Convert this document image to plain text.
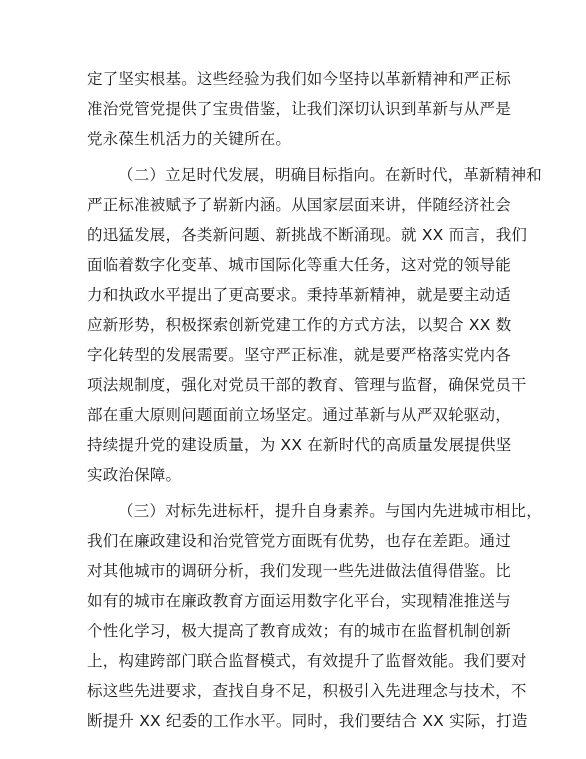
定了坚实根基。这些经验为我们如今坚持以革新精神和严正标
准治党管党提供了宝贵借鉴，让我们深切认识到革新与从严是
党永葆生机活力的关键所在。
（二）立足时代发展，明确目标指向。在新时代，革新精神和
严正标准被赋予了崭新内涵。从国家层面来讲，伴随经济社会
的迅猛发展，各类新问题、新挑战不断涌现。就 XX 而言，我们
面临着数字化变革、城市国际化等重大任务，这对党的领导能
力和执政水平提出了更高要求。秉持革新精神，就是要主动适
应新形势，积极探索创新党建工作的方式方法，以契合 XX 数
字化转型的发展需要。坚守严正标准，就是要严格落实党内各
项法规制度，强化对党员干部的教育、管理与监督，确保党员干
部在重大原则问题面前立场坚定。通过革新与从严双轮驱动，
持续提升党的建设质量，为 XX 在新时代的高质量发展提供坚
实政治保障。
（三）对标先进标杆，提升自身素养。与国内先进城市相比，
我们在廉政建设和治党管党方面既有优势，也存在差距。通过
对其他城市的调研分析，我们发现一些先进做法值得借鉴。比
如有的城市在廉政教育方面运用数字化平台，实现精准推送与
个性化学习，极大提高了教育成效；有的城市在监督机制创新
上，构建跨部门联合监督模式，有效提升了监督效能。我们要对
标这些先进要求，查找自身不足，积极引入先进理念与技术，不
断提升 XX 纪委的工作水平。同时，我们要结合 XX 实际，打造
